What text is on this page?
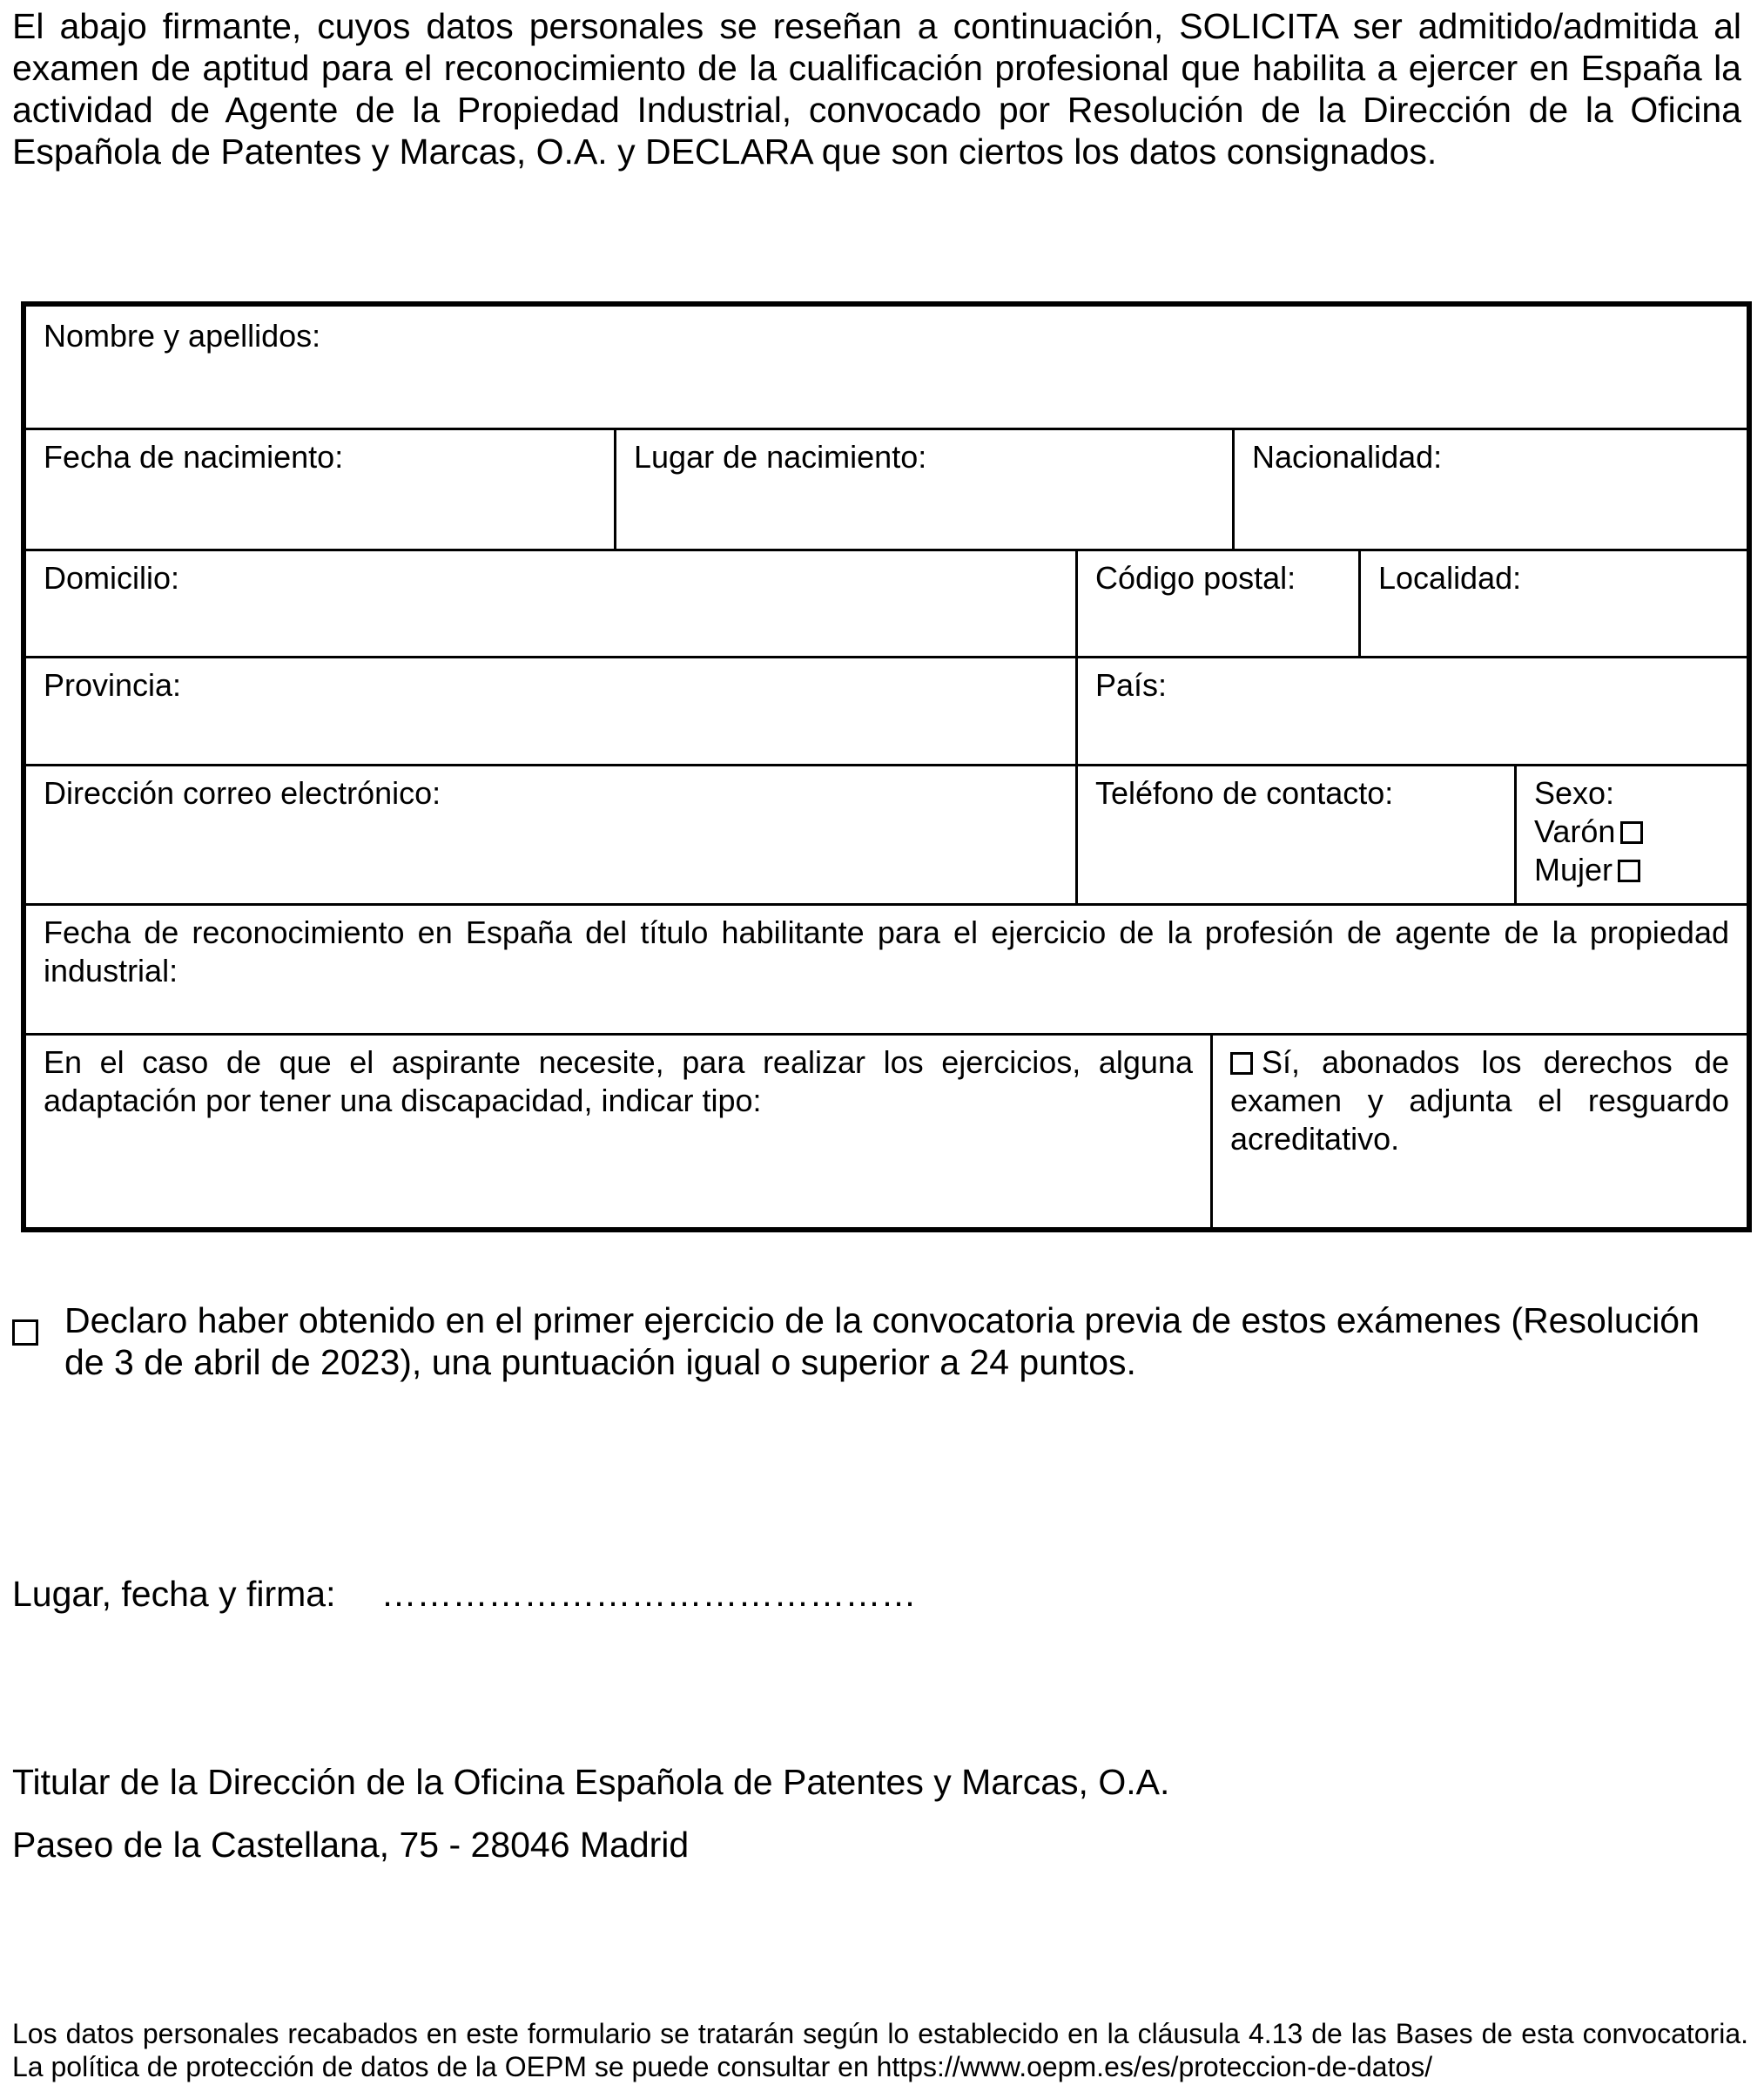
El abajo firmante, cuyos datos personales se reseñan a continuación, SOLICITA ser admitido/admitida al examen de aptitud para el reconocimiento de la cualificación profesional que habilita a ejercer en España la actividad de Agente de la Propiedad Industrial, convocado por Resolución de la Dirección de la Oficina Española de Patentes y Marcas, O.A. y DECLARA que son ciertos los datos consignados.

Nombre y apellidos:
Fecha de nacimiento:	Lugar de nacimiento:	Nacionalidad:
Domicilio:	Código postal:	Localidad:
Provincia:	País:
Dirección correo electrónico:	Teléfono de contacto:	Sexo:
Varón
Mujer
Fecha de reconocimiento en España del título habilitante para el ejercicio de la profesión de agente de la propiedad industrial:
En el caso de que el aspirante necesite, para realizar los ejercicios, alguna adaptación por tener una discapacidad, indicar tipo:
Sí, abonados los derechos de examen y adjunta el resguardo acreditativo.

Declaro haber obtenido en el primer ejercicio de la convocatoria previa de estos exámenes (Resolución de 3 de abril de 2023), una puntuación igual o superior a 24 puntos.

Lugar, fecha y firma: ………………………………………

Titular de la Dirección de la Oficina Española de Patentes y Marcas, O.A.

Paseo de la Castellana, 75 - 28046 Madrid

Los datos personales recabados en este formulario se tratarán según lo establecido en la cláusula 4.13 de las Bases de esta convocatoria. La política de protección de datos de la OEPM se puede consultar en https://www.oepm.es/es/proteccion-de-datos/
